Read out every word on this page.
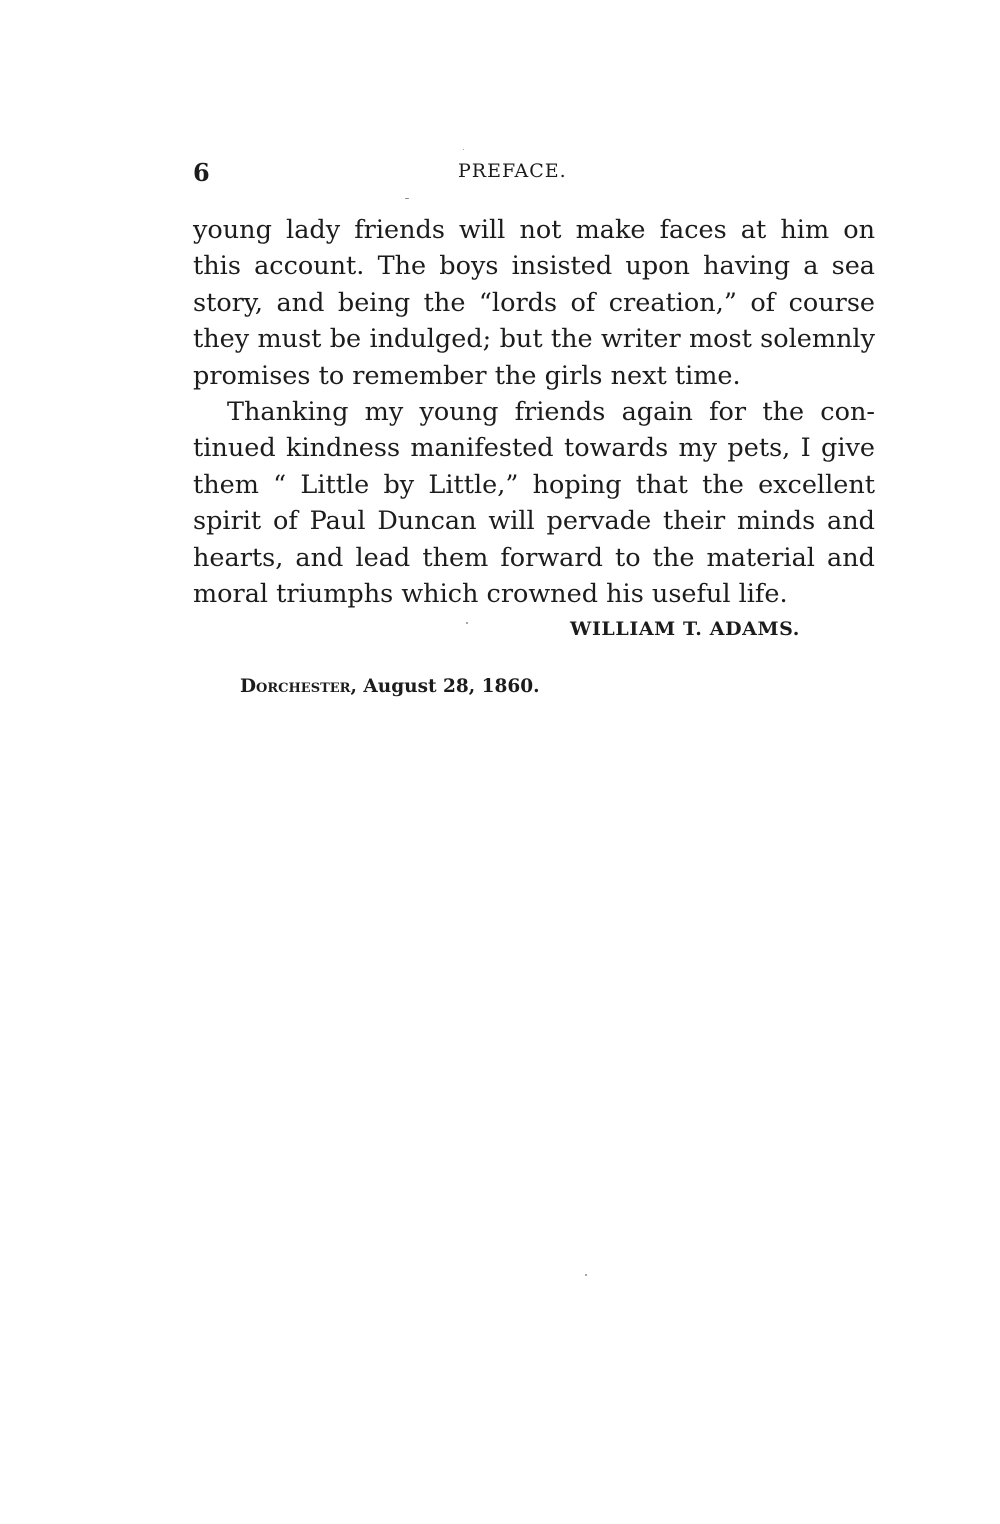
6	PREFACE.
young lady friends will not make faces at him on
this account. The boys insisted upon having a sea
story, and being the “lords of creation,” of course
they must be indulged; but the writer most solemnly
promises to remember the girls next time.
Thanking my young friends again for the con-
tinued kindness manifested towards my pets, I give
them “ Little by Little,” hoping that the excellent
spirit of Paul Duncan will pervade their minds and
hearts, and lead them forward to the material and
moral triumphs which crowned his useful life.
WILLIAM T. ADAMS.
Dorchester, August 28, 1860.
